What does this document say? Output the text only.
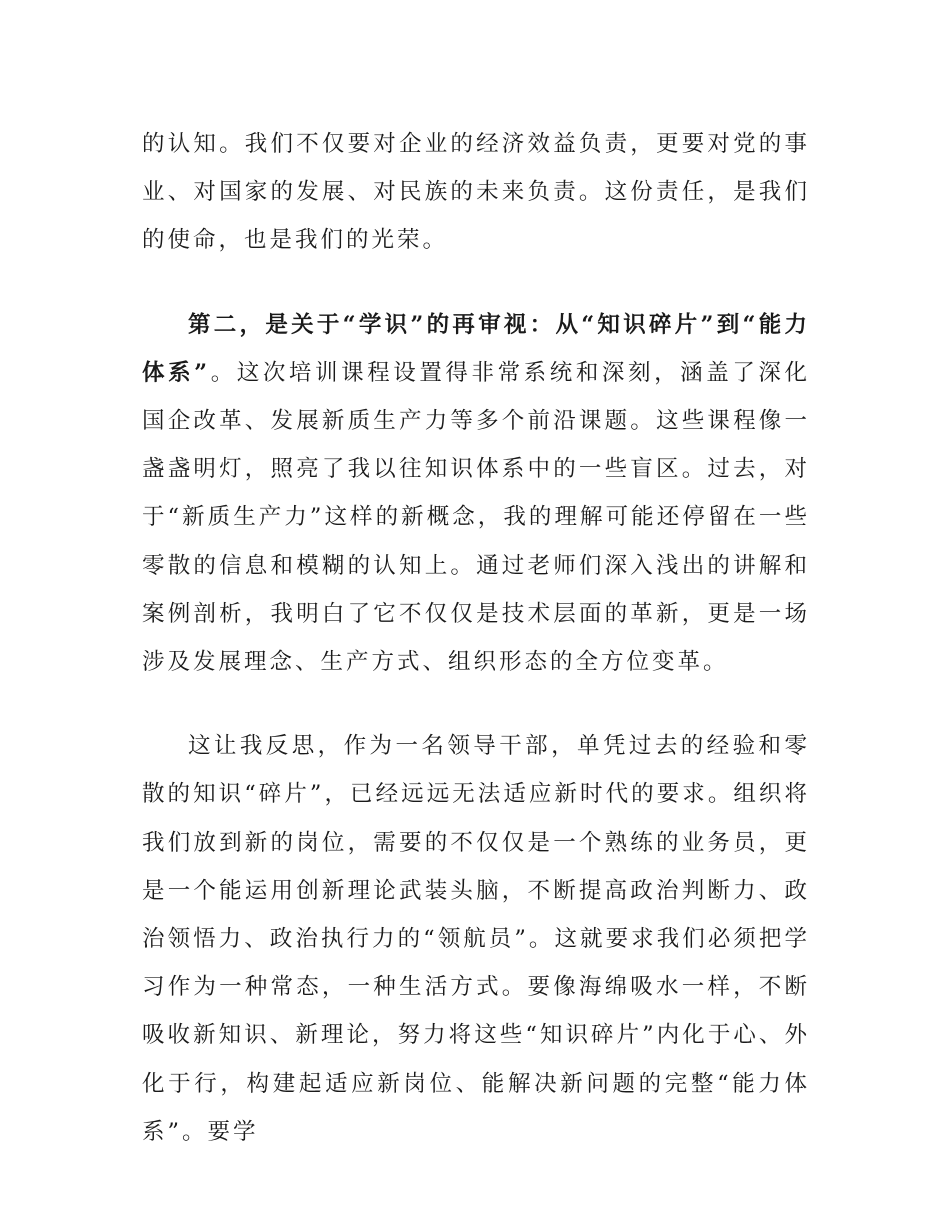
的认知。我们不仅要对企业的经济效益负责，更要对党的事业、对国家的发展、对民族的未来负责。这份责任，是我们的使命，也是我们的光荣。

第二，是关于“学识”的再审视：从“知识碎片”到“能力体系”。这次培训课程设置得非常系统和深刻，涵盖了深化国企改革、发展新质生产力等多个前沿课题。这些课程像一盏盏明灯，照亮了我以往知识体系中的一些盲区。过去，对于“新质生产力”这样的新概念，我的理解可能还停留在一些零散的信息和模糊的认知上。通过老师们深入浅出的讲解和案例剖析，我明白了它不仅仅是技术层面的革新，更是一场涉及发展理念、生产方式、组织形态的全方位变革。

这让我反思，作为一名领导干部，单凭过去的经验和零散的知识“碎片”，已经远远无法适应新时代的要求。组织将我们放到新的岗位，需要的不仅仅是一个熟练的业务员，更是一个能运用创新理论武装头脑，不断提高政治判断力、政治领悟力、政治执行力的“领航员”。这就要求我们必须把学习作为一种常态，一种生活方式。要像海绵吸水一样，不断吸收新知识、新理论，努力将这些“知识碎片”内化于心、外化于行，构建起适应新岗位、能解决新问题的完整“能力体系”。要学
